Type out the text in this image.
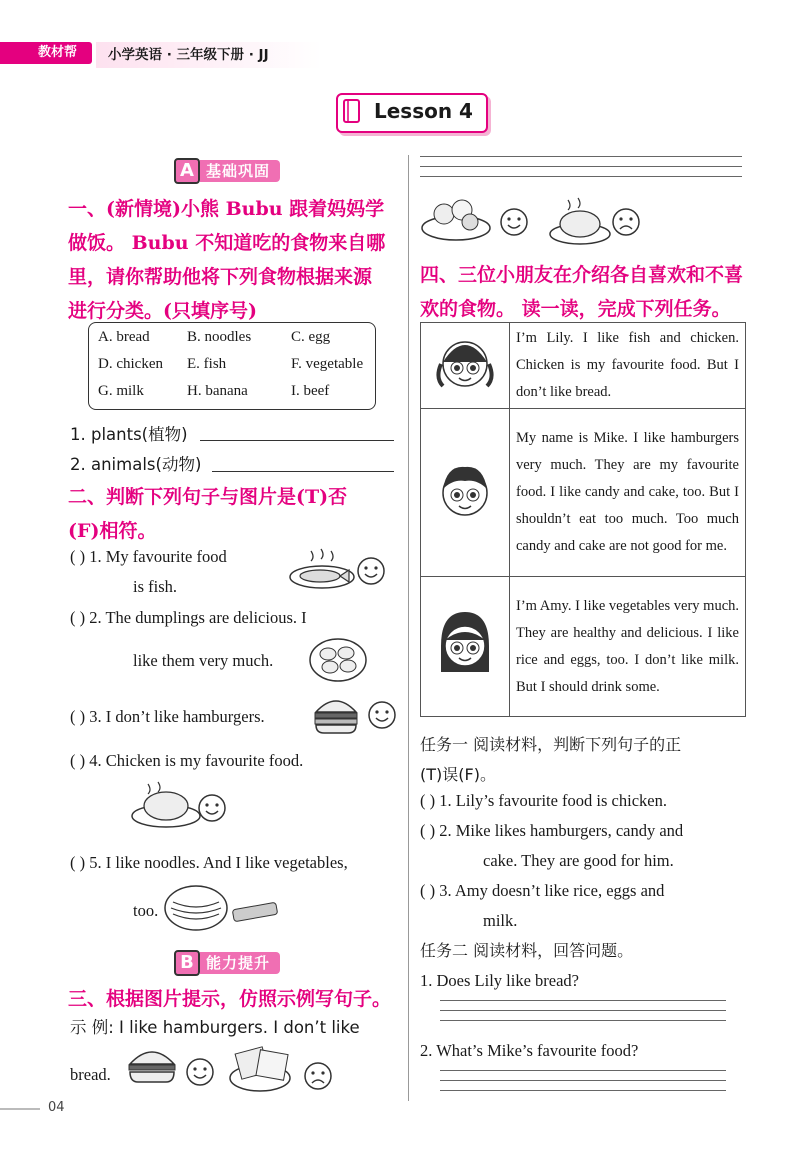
教材帮	小学英语 · 三年级下册 · JJ
Lesson 4
A 基础巩固
一、(新情境)小熊 Bubu 跟着妈妈学
做饭。 Bubu 不知道吃的食物来自哪
里，请你帮助他将下列食物根据来源
进行分类。(只填序号)
A. bread B. noodles	C. egg
D. chicken E. fish	F. vegetable
G. milk	H. banana	I. beef
1. plants(植物)
2. animals(动物)
二、判断下列句子与图片是(T)否
(F)相符。
( ) 1. My favourite food
is fish.
( ) 2. The dumplings are delicious. I
like them very much.
( ) 3. I don’t like hamburgers.
( ) 4. Chicken is my favourite food.
( ) 5. I like noodles. And I like vegetables,
too.
B 能力提升
三、根据图片提示，仿照示例写句子。
示 例: I like hamburgers. I don’t like
bread.
04
四、三位小朋友在介绍各自喜欢和不喜
欢的食物。 读一读，完成下列任务。
	I’m Lily. I like fish and chicken. Chicken is my favourite food. But I don’t like bread.
	My name is Mike. I like hamburgers very much. They are my favourite food. I like candy and cake, too. But I shouldn’t eat too much. Too much candy and cake are not good for me.
	I’m Amy. I like vegetables very much. They are healthy and delicious. I like rice and eggs, too. I don’t like milk. But I should drink some.
任务一 阅读材料，判断下列句子的正
(T)误(F)。
( ) 1. Lily’s favourite food is chicken.
( ) 2. Mike likes hamburgers, candy and
cake. They are good for him.
( ) 3. Amy doesn’t like rice, eggs and
milk.
任务二 阅读材料，回答问题。
1. Does Lily like bread?
2. What’s Mike’s favourite food?
